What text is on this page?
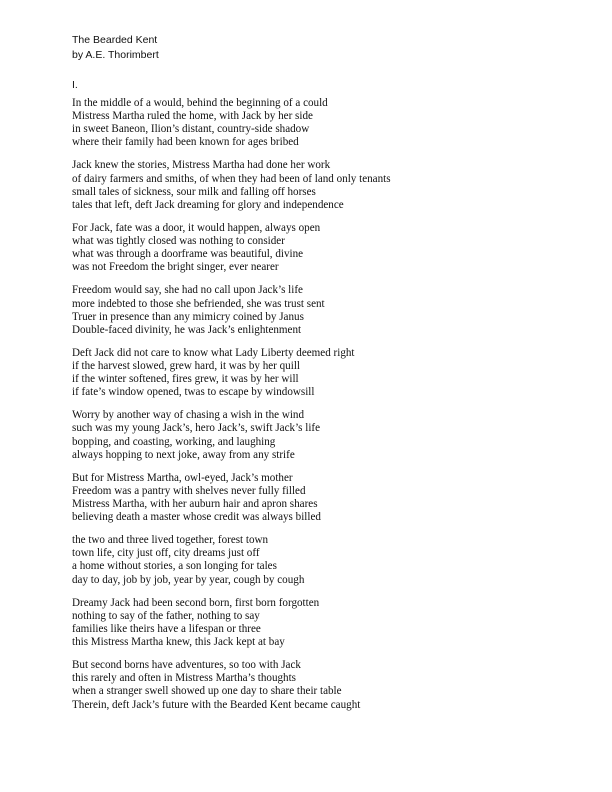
The Bearded Kent
by A.E. Thorimbert
I.
In the middle of a would, behind the beginning of a could
Mistress Martha ruled the home, with Jack by her side
in sweet Baneon, Ilion’s distant, country-side shadow
where their family had been known for ages bribed
Jack knew the stories, Mistress Martha had done her work
of dairy farmers and smiths, of when they had been of land only tenants
small tales of sickness, sour milk and falling off horses
tales that left, deft Jack dreaming for glory and independence
For Jack, fate was a door, it would happen, always open
what was tightly closed was nothing to consider
what was through a doorframe was beautiful, divine
was not Freedom the bright singer, ever nearer
Freedom would say, she had no call upon Jack’s life
more indebted to those she befriended, she was trust sent
Truer in presence than any mimicry coined by Janus
Double-faced divinity, he was Jack’s enlightenment
Deft Jack did not care to know what Lady Liberty deemed right
if the harvest slowed, grew hard, it was by her quill
if the winter softened, fires grew, it was by her will
if fate’s window opened, twas to escape by windowsill
Worry by another way of chasing a wish in the wind
such was my young Jack’s, hero Jack’s, swift Jack’s life
bopping, and coasting, working, and laughing
always hopping to next joke, away from any strife
But for Mistress Martha, owl-eyed, Jack’s mother
Freedom was a pantry with shelves never fully filled
Mistress Martha, with her auburn hair and apron shares
believing death a master whose credit was always billed
the two and three lived together, forest town
town life, city just off, city dreams just off
a home without stories, a son longing for tales
day to day, job by job, year by year, cough by cough
Dreamy Jack had been second born, first born forgotten
nothing to say of the father, nothing to say
families like theirs have a lifespan or three
this Mistress Martha knew, this Jack kept at bay
But second borns have adventures, so too with Jack
this rarely and often in Mistress Martha’s thoughts
when a stranger swell showed up one day to share their table
Therein, deft Jack’s future with the Bearded Kent became caught
